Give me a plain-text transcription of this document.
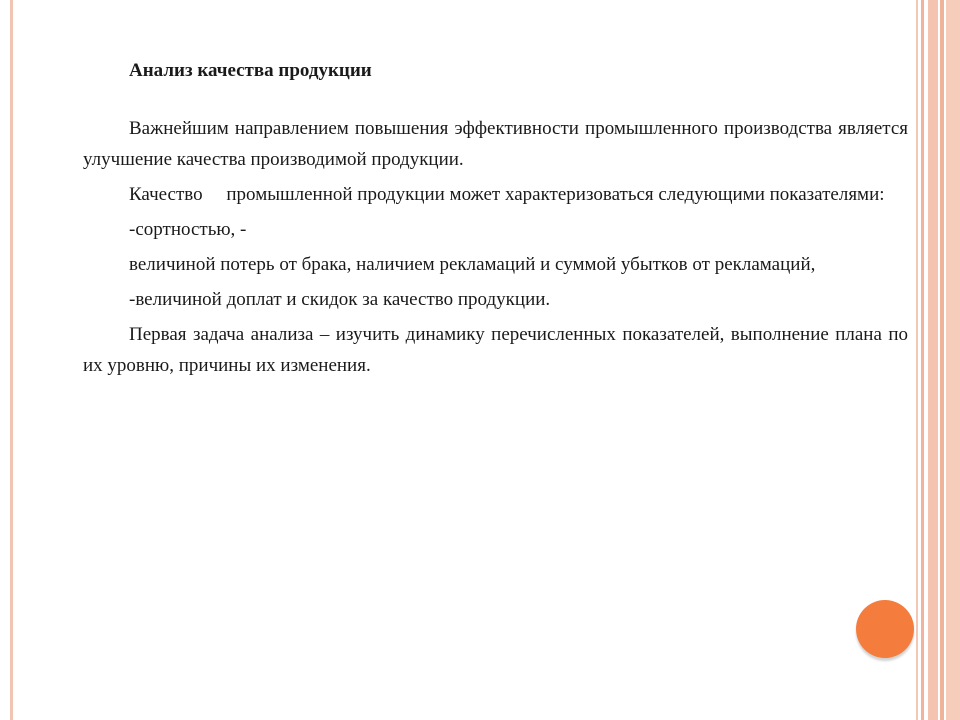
Анализ качества продукции

Важнейшим направлением повышения эффективности промышленного производства является улучшение качества производимой продукции.

Качество     промышленной продукции может характеризоваться следующими показателями:

-сортностью, -

величиной потерь от брака, наличием рекламаций и суммой убытков от рекламаций,

-величиной доплат и скидок за качество продукции.

Первая задача анализа – изучить динамику перечисленных показателей, выполнение плана по их уровню, причины их изменения.
